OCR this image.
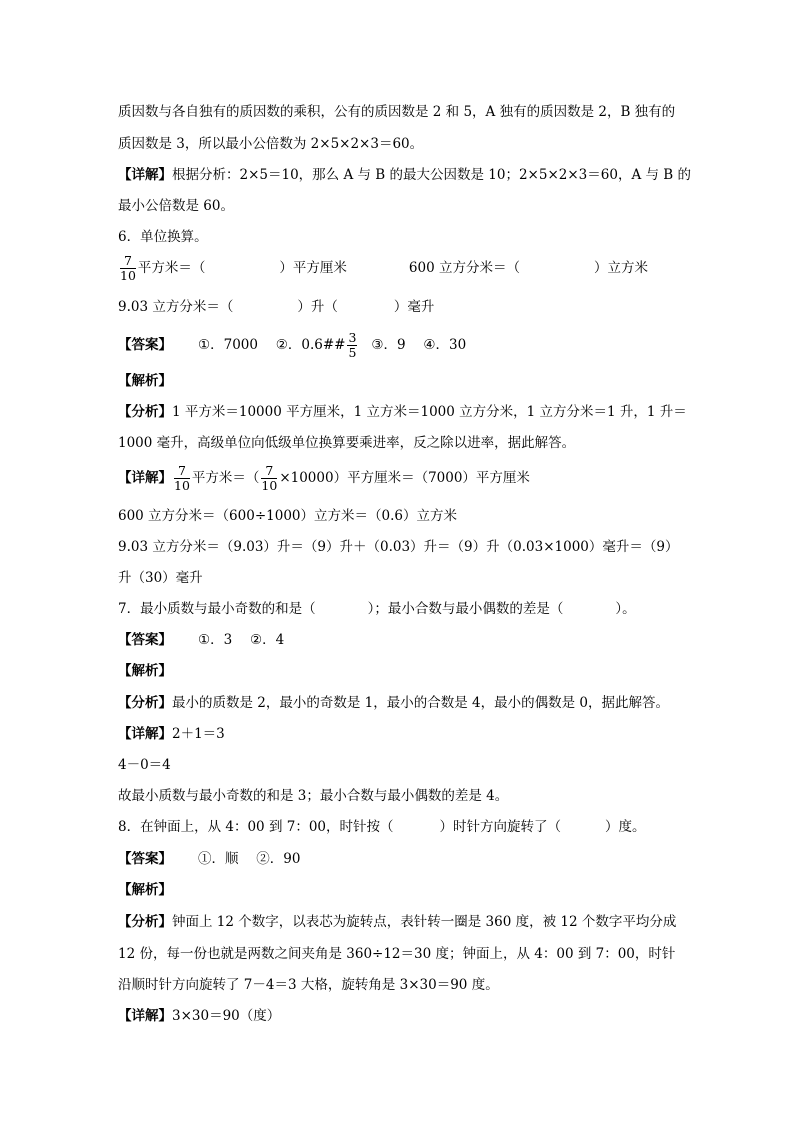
质因数与各自独有的质因数的乘积，公有的质因数是 2 和 5，A 独有的质因数是 2，B 独有的
质因数是 3，所以最小公倍数为 2×5×2×3＝60。
【详解】根据分析：2×5＝10，那么 A 与 B 的最大公因数是 10；2×5×2×3＝60，A 与 B 的
最小公倍数是 60。
6．单位换算。
$\frac{7}{10}$ 平方米＝（	）平方厘米	600 立方分米＝（	）立方米
9.03 立方分米＝（	）升（	）毫升
【答案】 ①．7000　 ②．0.6## $\frac{3}{5}$ ③．9　 ④．30
【解析】
【分析】1 平方米＝10000 平方厘米，1 立方米＝1000 立方分米，1 立方分米＝1 升，1 升＝
1000 毫升，高级单位向低级单位换算要乘进率，反之除以进率，据此解答。
【详解】 $\frac{7}{10}$ 平方米＝（ $\frac{7}{10} \times 10000$）平方厘米＝（7000）平方厘米
600 立方分米＝（600÷1000）立方米＝（0.6）立方米
9.03 立方分米＝（9.03）升＝（9）升＋（0.03）升＝（9）升（0.03×1000）毫升＝（9）
升（30）毫升
7．最小质数与最小奇数的和是（	）；最小合数与最小偶数的差是（	）。
【答案】 ①．3　 ②．4
【解析】
【分析】最小的质数是 2，最小的奇数是 1，最小的合数是 4，最小的偶数是 0，据此解答。
【详解】2＋1＝3
4－0＝4
故最小质数与最小奇数的和是 3；最小合数与最小偶数的差是 4。
8．在钟面上，从 4：00 到 7：00，时针按（	）时针方向旋转了（	）度。
【答案】 ①．顺　 ②．90
【解析】
【分析】钟面上 12 个数字，以表芯为旋转点，表针转一圈是 360 度，被 12 个数字平均分成
12 份，每一份也就是两数之间夹角是 360÷12＝30 度；钟面上，从 4：00 到 7：00，时针
沿顺时针方向旋转了 7－4＝3 大格，旋转角是 3×30＝90 度。
【详解】3×30＝90（度）
